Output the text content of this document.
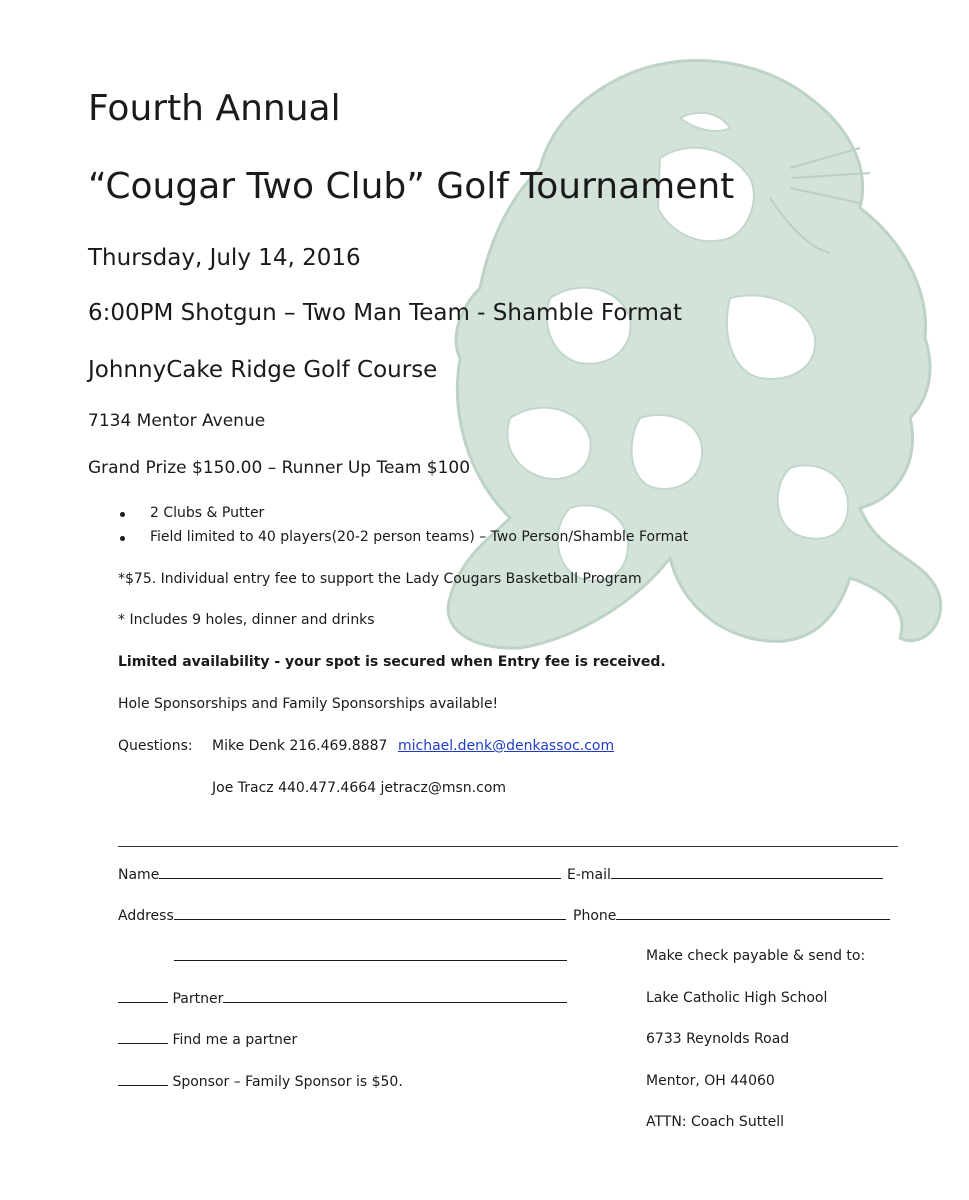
Fourth Annual
“Cougar Two Club” Golf Tournament
Thursday, July 14, 2016
6:00PM Shotgun – Two Man Team - Shamble Format
JohnnyCake Ridge Golf Course
7134 Mentor Avenue
Grand Prize $150.00 – Runner Up Team $100
2 Clubs & Putter
Field limited to 40 players(20-2 person teams) – Two Person/Shamble Format
*$75. Individual entry fee to support the Lady Cougars Basketball Program
* Includes 9 holes, dinner and drinks
Limited availability - your spot is secured when Entry fee is received.
Hole Sponsorships and Family Sponsorships available!
Questions: Mike Denk 216.469.8887 michael.denk@denkassoc.com
Joe Tracz 440.477.4664 jetracz@msn.com
Name	E-mail
Address	Phone
Partner
Find me a partner
Sponsor – Family Sponsor is $50.
Make check payable & send to:
Lake Catholic High School
6733 Reynolds Road
Mentor, OH 44060
ATTN: Coach Suttell
